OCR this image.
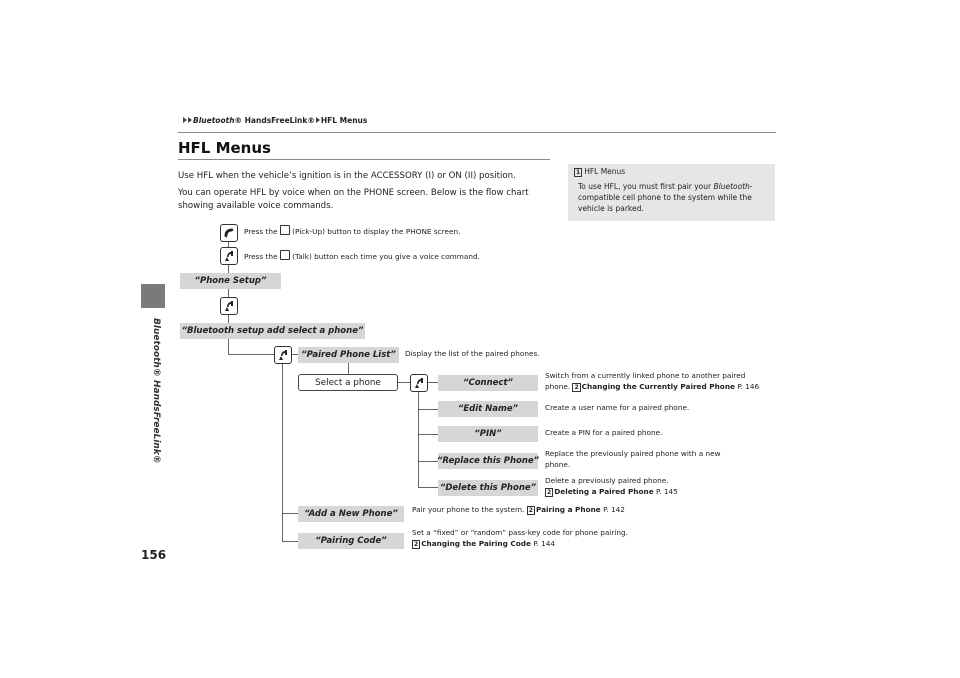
Bluetooth® HandsFreeLink®
156
Bluetooth® HandsFreeLink® HFL Menus
HFL Menus
Use HFL when the vehicle’s ignition is in the ACCESSORY (I) or ON (II) position.
You can operate HFL by voice when on the PHONE screen. Below is the flow chart showing available voice commands.
1 HFL Menus
To use HFL, you must first pair your Bluetooth-compatible cell phone to the system while the vehicle is parked.
Press the (Pick-Up) button to display the PHONE screen.
Press the (Talk) button each time you give a voice command.
“Phone Setup”
“Bluetooth setup add select a phone”
“Paired Phone List”
Select a phone	“Connect”
“Edit Name”
“PIN”
“Replace this Phone”
“Delete this Phone”
“Add a New Phone”
“Pairing Code”
Display the list of the paired phones.
Switch from a currently linked phone to another paired phone. 2 Changing the Currently Paired Phone P. 146
Create a user name for a paired phone.
Create a PIN for a paired phone.
Replace the previously paired phone with a new phone.
Delete a previously paired phone.
2 Deleting a Paired Phone P. 145
Pair your phone to the system. 2 Pairing a Phone P. 142
Set a “fixed” or “random” pass-key code for phone pairing.
2 Changing the Pairing Code P. 144
